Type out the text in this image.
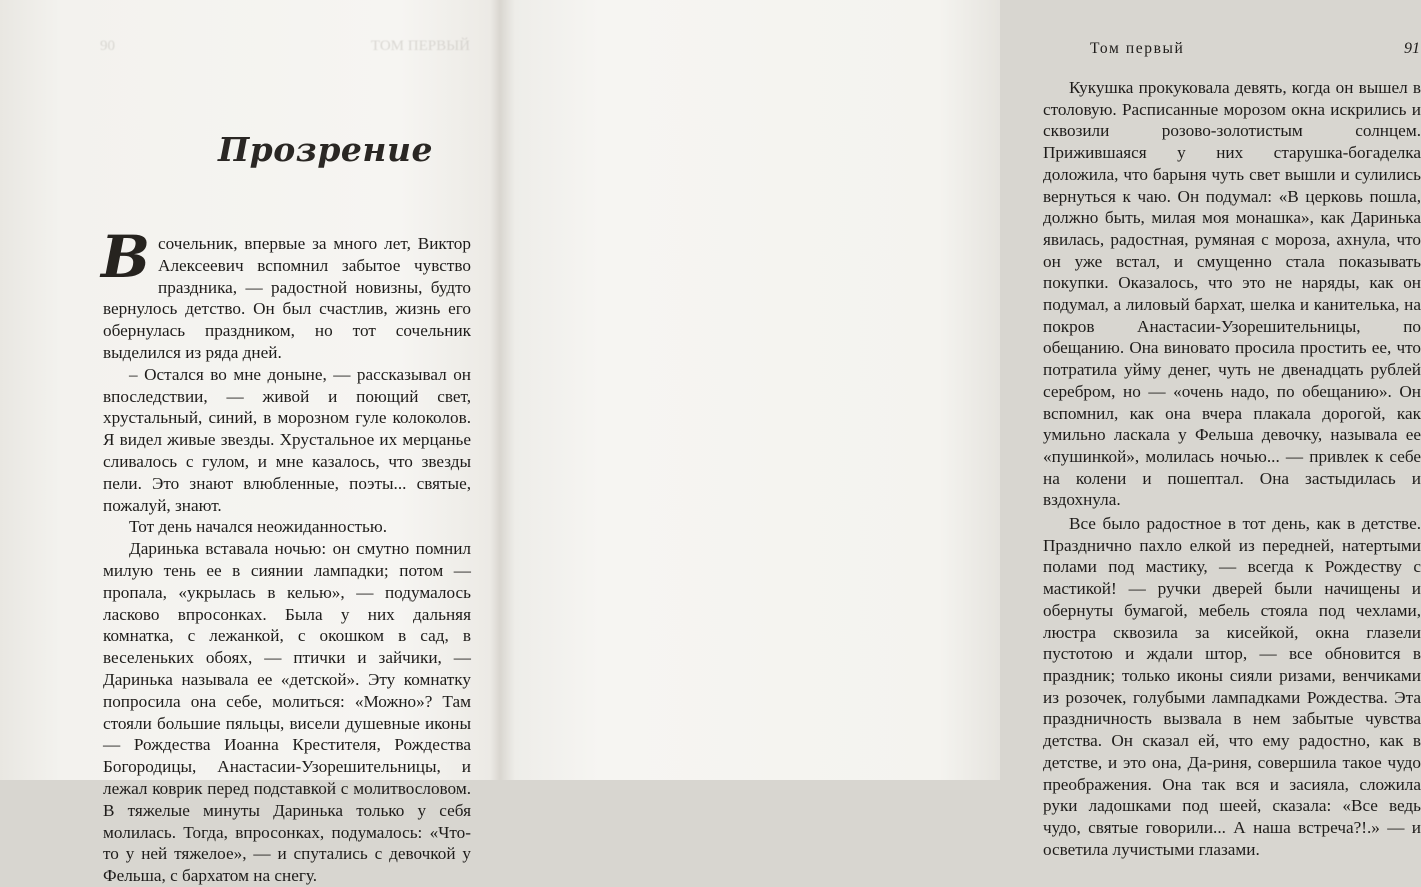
90	ТОМ ПЕРВЫЙ
Прозрение

В сочельник, впервые за много лет, Виктор Алексеевич вспомнил забытое чувство праздника, — радостной новизны, будто вернулось детство. Он был счастлив, жизнь его обернулась праздником, но тот сочельник выделился из ряда дней.

– Остался во мне доныне, — рассказывал он впоследствии, — живой и поющий свет, хрустальный, синий, в морозном гуле колоколов. Я видел живые звезды. Хрустальное их мерцанье сливалось с гулом, и мне казалось, что звезды пели. Это знают влюбленные, поэты... святые, пожалуй, знают.

Тот день начался неожиданностью.

Даринька вставала ночью: он смутно помнил милую тень ее в сиянии лампадки; потом — пропала, «укрылась в келью», — подумалось ласково впросонках. Была у них дальняя комнатка, с лежанкой, с окошком в сад, в веселеньких обоях, — птички и зайчики, — Даринька называла ее «детской». Эту комнатку попросила она себе, молиться: «Можно»? Там стояли большие пяльцы, висели душевные иконы — Рождества Иоанна Крестителя, Рождества Богородицы, Анастасии-Узорешительницы, и лежал коврик перед подставкой с молитвословом. В тяжелые минуты Даринька только у себя молилась. Тогда, впросонках, подумалось: «Что-то у ней тяжелое», — и спутались с девочкой у Фельша, с бархатом на снегу.

Том первый	91

Кукушка прокуковала девять, когда он вышел в столовую. Расписанные морозом окна искрились и сквозили розово-золотистым солнцем. Прижившаяся у них старушка-богаделка доложила, что барыня чуть свет вышли и сулились вернуться к чаю. Он подумал: «В церковь пошла, должно быть, милая моя монашка», как Даринька явилась, радостная, румяная с мороза, ахнула, что он уже встал, и смущенно стала показывать покупки. Оказалось, что это не наряды, как он подумал, а лиловый бархат, шелка и канителька, на покров Анастасии-Узорешительницы, по обещанию. Она виновато просила простить ее, что потратила уйму денег, чуть не двенадцать рублей серебром, но — «очень надо, по обещанию». Он вспомнил, как она вчера плакала дорогой, как умильно ласкала у Фельша девочку, называла ее «пушинкой», молилась ночью... — привлек к себе на колени и пошептал. Она застыдилась и вздохнула.

Все было радостное в тот день, как в детстве. Празднично пахло елкой из передней, натертыми полами под мастику, — всегда к Рождеству с мастикой! — ручки дверей были начищены и обернуты бумагой, мебель стояла под чехлами, люстра сквозила за кисейкой, окна глазели пустотою и ждали штор, — все обновится в праздник; только иконы сияли ризами, венчиками из розочек, голубыми лампадками Рождества. Эта праздничность вызвала в нем забытые чувства детства. Он сказал ей, что ему радостно, как в детстве, и это она, Да-риня, совершила такое чудо преображения. Она так вся и засияла, сложила руки ладошками под шеей, сказала: «Все ведь чудо, святые говорили... А наша встреча?!.» — и осветила лучистыми глазами.
